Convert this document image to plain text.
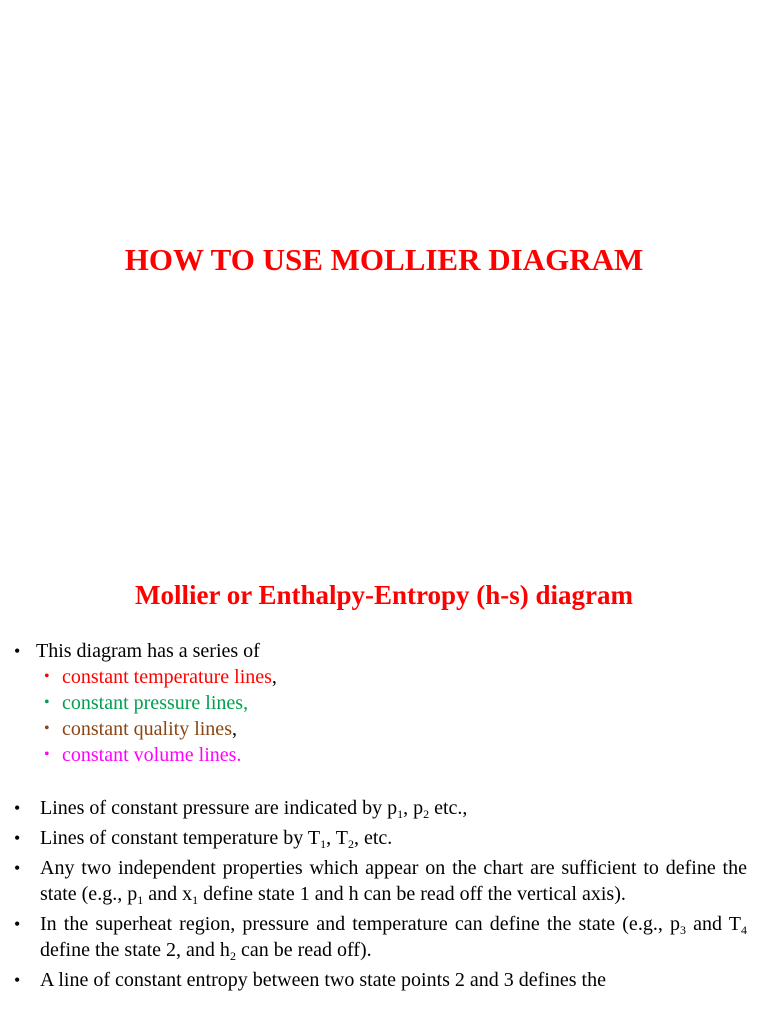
HOW TO USE MOLLIER DIAGRAM
Mollier or Enthalpy-Entropy (h-s) diagram
• This diagram has a series of
• constant temperature lines,
• constant pressure lines,
• constant quality lines,
• constant volume lines.
• Lines of constant pressure are indicated by $p_1$, $p_2$ etc.,
• Lines of constant temperature by $T_1$, $T_2$, etc.
• Any two independent properties which appear on the chart are sufficient to define the state (e.g., $p_1$ and $x_1$ define state 1 and h can be read off the vertical axis).
• In the superheat region, pressure and temperature can define the state (e.g., $p_3$ and $T_4$ define the state 2, and $h_2$ can be read off).
• A line of constant entropy between two state points 2 and 3 defines the
